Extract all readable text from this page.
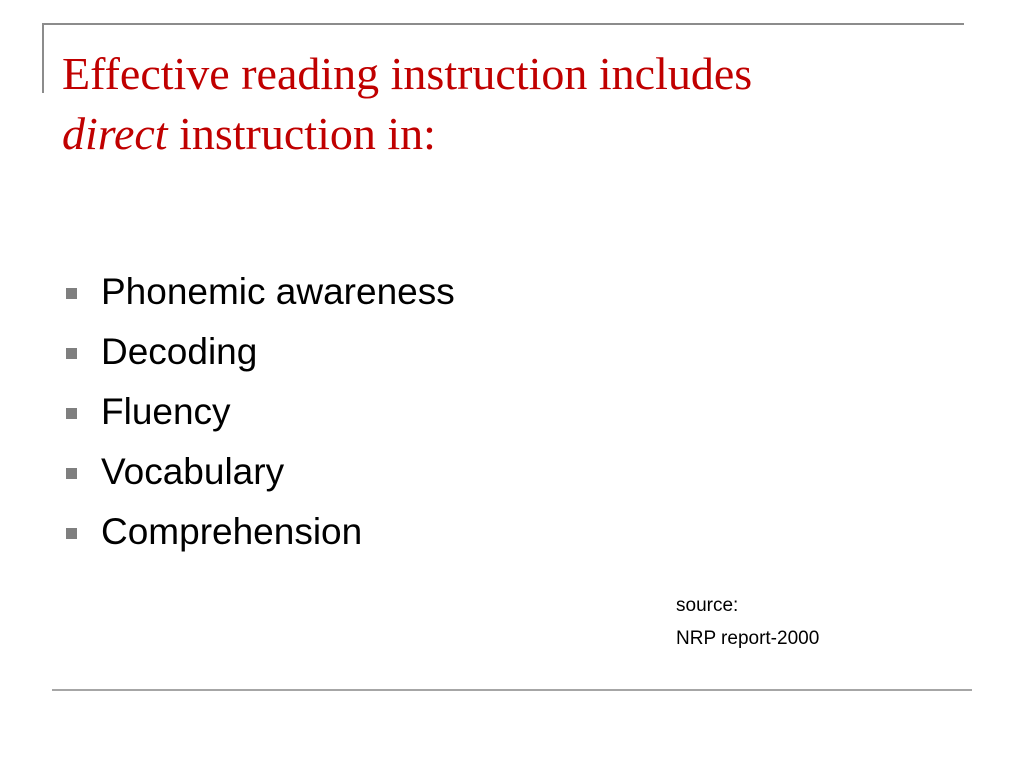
Effective reading instruction includes
direct instruction in:
Phonemic awareness
Decoding
Fluency
Vocabulary
Comprehension
source:
NRP report-2000
